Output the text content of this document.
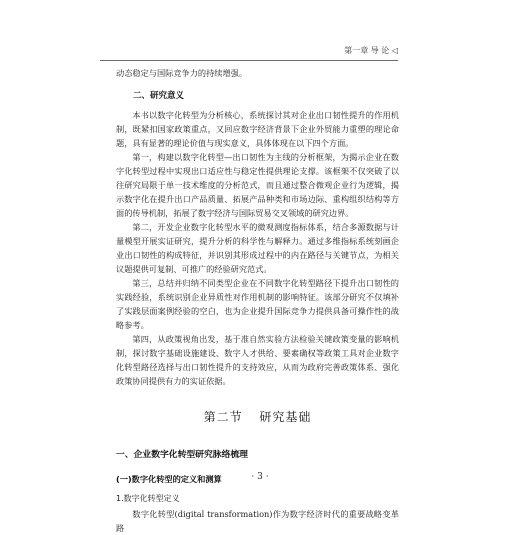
第一章 导 论 ◁

动态稳定与国际竞争力的持续增强。

二、研究意义

本书以数字化转型为分析核心，系统探讨其对企业出口韧性提升的作用机制，既紧扣国家政策重点，又回应数字经济背景下企业外贸能力重塑的理论命题，具有显著的理论价值与现实意义，具体体现在以下四个方面。

第一，构建以数字化转型—出口韧性为主线的分析框架，为揭示企业在数字化转型过程中实现出口适应性与稳定性提供理论支撑。该框架不仅突破了以往研究局限于单一技术维度的分析范式，而且通过整合微观企业行为逻辑，揭示数字化在提升出口产品质量、拓展产品种类和市场边际、重构组织结构等方面的传导机制，拓展了数字经济与国际贸易交叉领域的研究边界。

第二，开发企业数字化转型水平的微观测度指标体系，结合多源数据与计量模型开展实证研究，提升分析的科学性与解释力。通过多维指标系统刻画企业出口韧性的构成特征，并识别其形成过程中的内在路径与关键节点，为相关议题提供可复制、可推广的经验研究范式。

第三，总结并归纳不同类型企业在不同数字化转型路径下提升出口韧性的实践经验，系统识别企业异质性对作用机制的影响特征。该部分研究不仅填补了实践层面案例经验的空白，也为企业提升国际竞争力提供具备可操作性的战略参考。

第四，从政策视角出发，基于准自然实验方法检验关键政策变量的影响机制，探讨数字基础设施建设、数字人才供给、要素确权等政策工具对企业数字化转型路径选择与出口韧性提升的支持效应，从而为政府完善政策体系、强化政策协同提供有力的实证依据。

第二节 研究基础
一、企业数字化转型研究脉络梳理
(一)数字化转型的定义和测算
1.数字化转型定义

数字化转型(digital transformation)作为数字经济时代的重要战略变革路

· 3 ·
